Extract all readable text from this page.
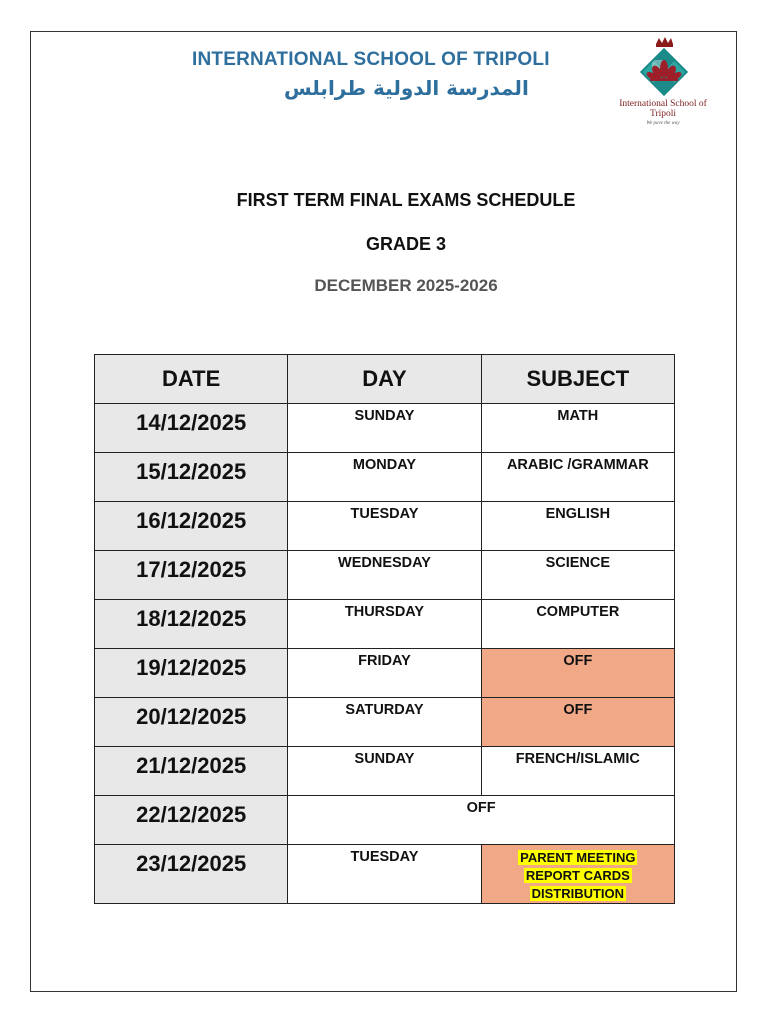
INTERNATIONAL SCHOOL OF TRIPOLI
المدرسة الدولية طرابلس
International School of Tripoli
We pave the way
FIRST TERM FINAL EXAMS SCHEDULE
GRADE 3
DECEMBER 2025-2026
DATE	DAY	SUBJECT
14/12/2025	SUNDAY	MATH
15/12/2025	MONDAY	ARABIC /GRAMMAR
16/12/2025	TUESDAY	ENGLISH
17/12/2025	WEDNESDAY	SCIENCE
18/12/2025	THURSDAY	COMPUTER
19/12/2025	FRIDAY	OFF
20/12/2025	SATURDAY	OFF
21/12/2025	SUNDAY	FRENCH/ISLAMIC
22/12/2025	OFF	
23/12/2025	TUESDAY	PARENT MEETING
REPORT CARDS
DISTRIBUTION
